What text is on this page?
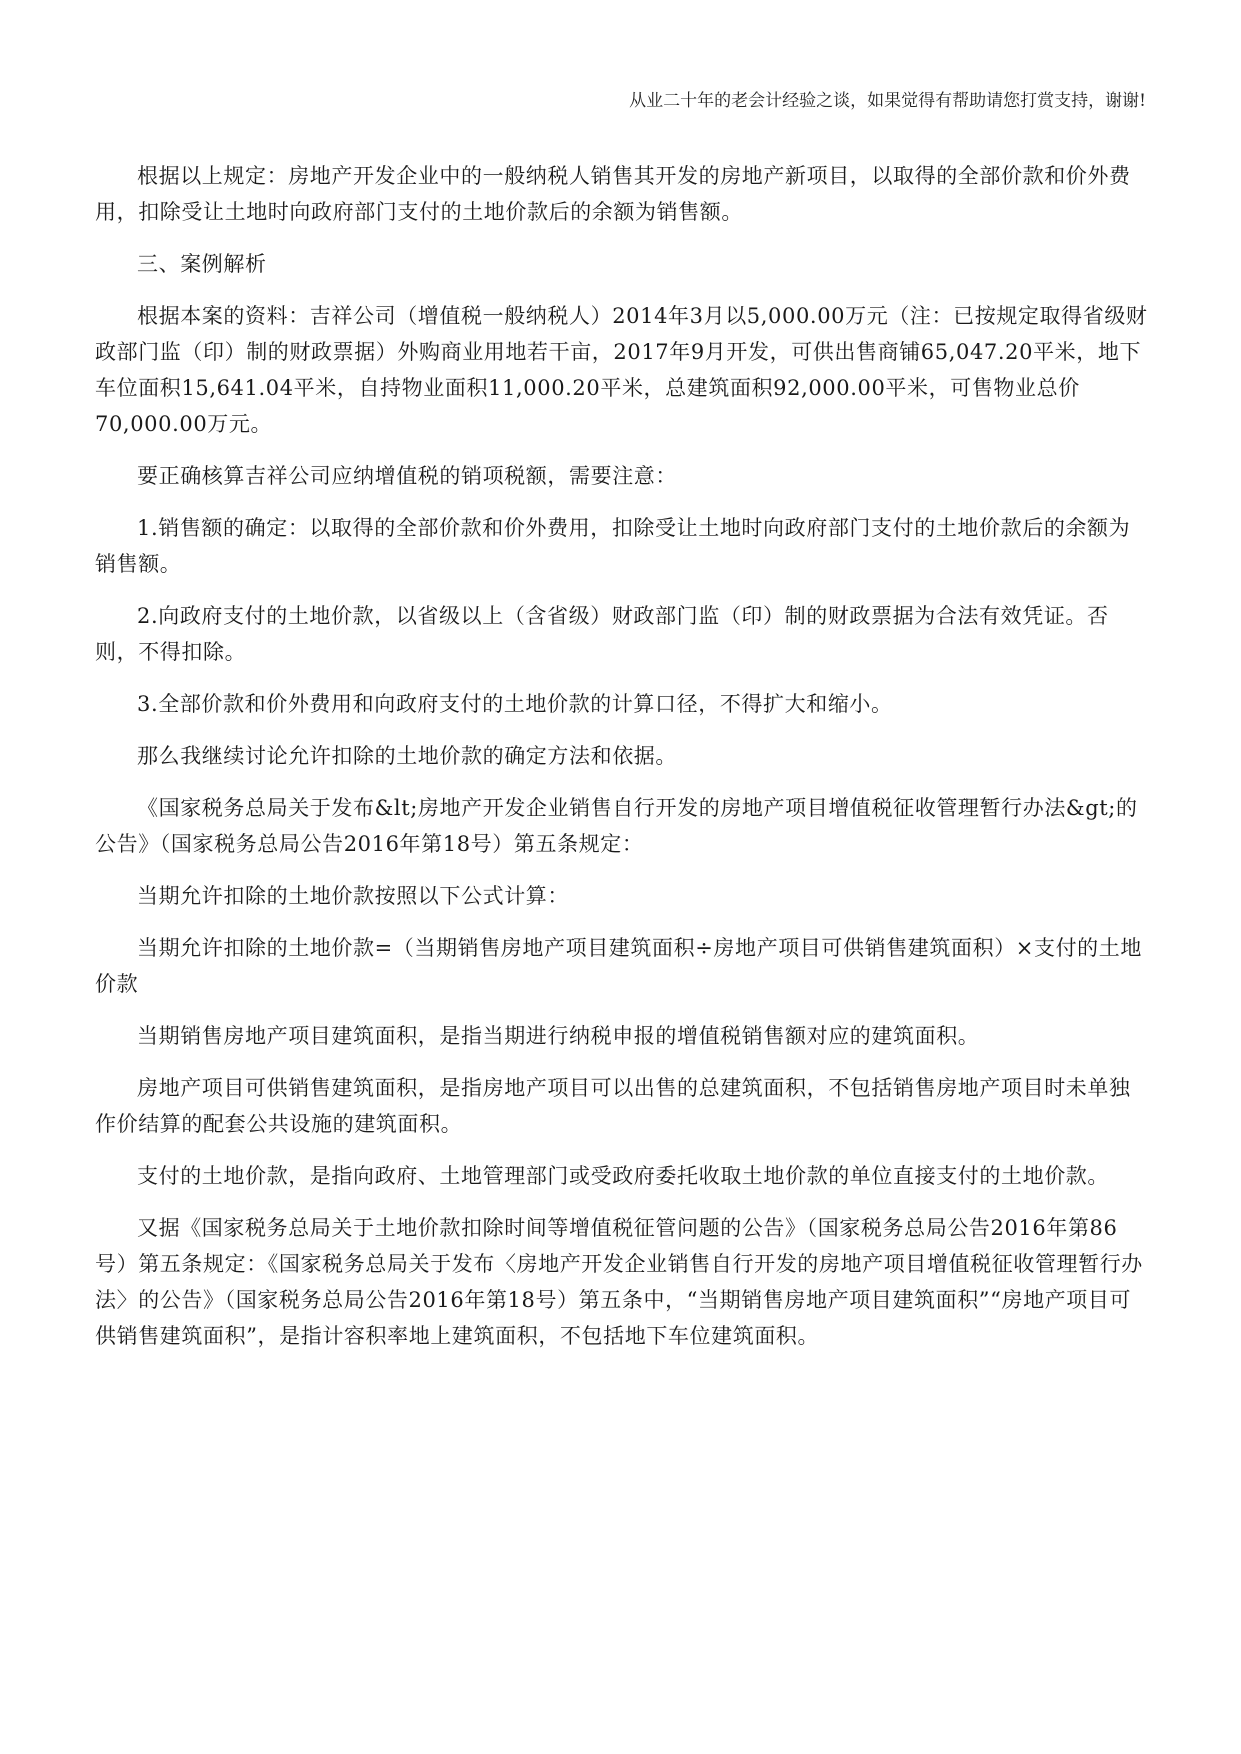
从业二十年的老会计经验之谈，如果觉得有帮助请您打赏支持，谢谢!

根据以上规定：房地产开发企业中的一般纳税人销售其开发的房地产新项目，以取得的全部价款和价外费用，扣除受让土地时向政府部门支付的土地价款后的余额为销售额。

三、案例解析

根据本案的资料：吉祥公司（增值税一般纳税人）2014年3月以5,000.00万元（注：已按规定取得省级财政部门监（印）制的财政票据）外购商业用地若干亩，2017年9月开发，可供出售商铺65,047.20平米，地下车位面积15,641.04平米，自持物业面积11,000.20平米，总建筑面积92,000.00平米，可售物业总价70,000.00万元。

要正确核算吉祥公司应纳增值税的销项税额，需要注意：

1.销售额的确定：以取得的全部价款和价外费用，扣除受让土地时向政府部门支付的土地价款后的余额为销售额。

2.向政府支付的土地价款，以省级以上（含省级）财政部门监（印）制的财政票据为合法有效凭证。否则，不得扣除。

3.全部价款和价外费用和向政府支付的土地价款的计算口径，不得扩大和缩小。

那么我继续讨论允许扣除的土地价款的确定方法和依据。

《国家税务总局关于发布&lt;房地产开发企业销售自行开发的房地产项目增值税征收管理暂行办法&gt;的公告》（国家税务总局公告2016年第18号）第五条规定：

当期允许扣除的土地价款按照以下公式计算：

当期允许扣除的土地价款=（当期销售房地产项目建筑面积÷房地产项目可供销售建筑面积）×支付的土地价款

当期销售房地产项目建筑面积，是指当期进行纳税申报的增值税销售额对应的建筑面积。

房地产项目可供销售建筑面积，是指房地产项目可以出售的总建筑面积，不包括销售房地产项目时未单独作价结算的配套公共设施的建筑面积。

支付的土地价款，是指向政府、土地管理部门或受政府委托收取土地价款的单位直接支付的土地价款。

又据《国家税务总局关于土地价款扣除时间等增值税征管问题的公告》（国家税务总局公告2016年第86号）第五条规定：《国家税务总局关于发布〈房地产开发企业销售自行开发的房地产项目增值税征收管理暂行办法〉的公告》（国家税务总局公告2016年第18号）第五条中，“当期销售房地产项目建筑面积”“房地产项目可供销售建筑面积”，是指计容积率地上建筑面积，不包括地下车位建筑面积。
